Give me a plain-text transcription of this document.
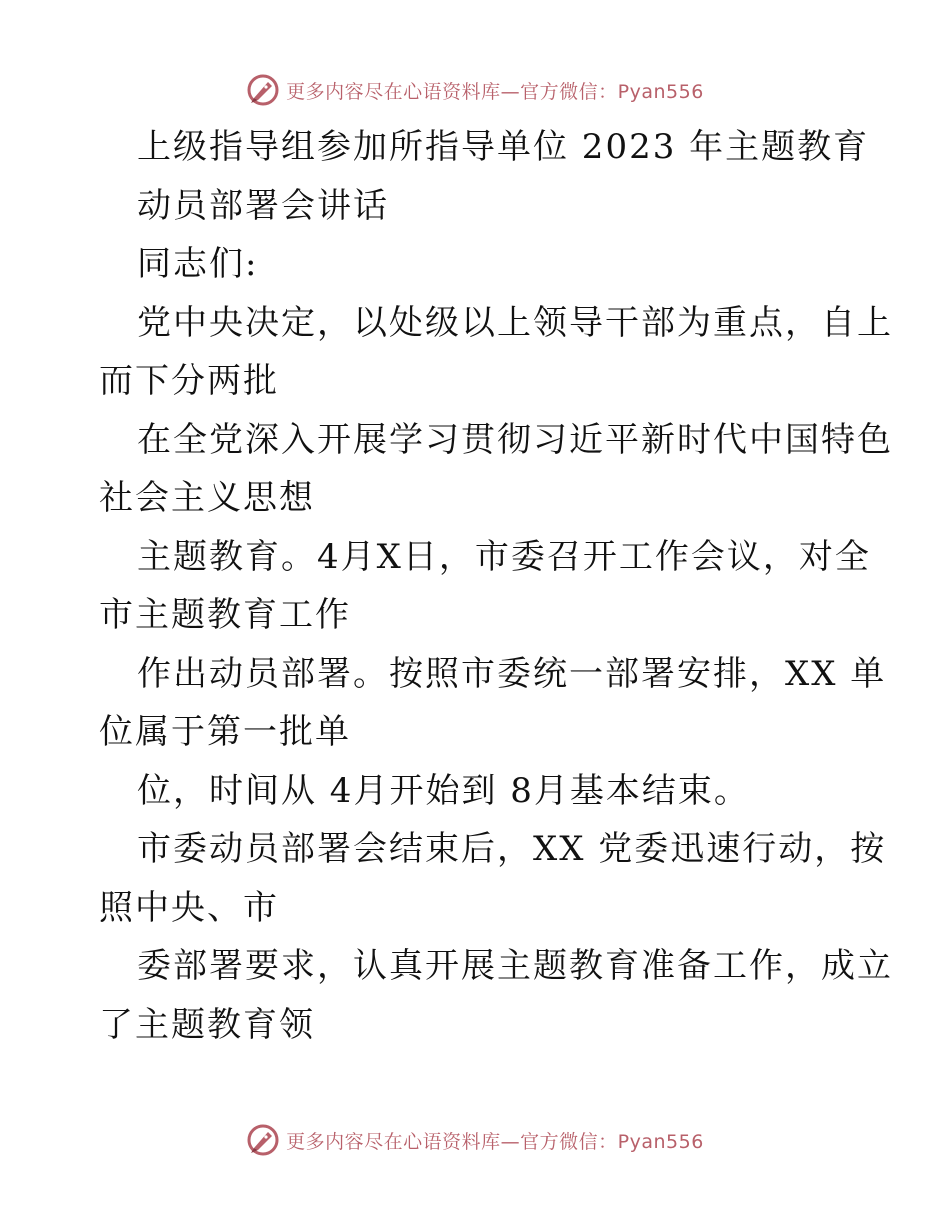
更多内容尽在心语资料库—官方微信：Pyan556
上级指导组参加所指导单位 2023 年主题教育
动员部署会讲话
同志们:
党中央决定，以处级以上领导干部为重点，自上
而下分两批
在全党深入开展学习贯彻习近平新时代中国特色
社会主义思想
主题教育。4月X日，市委召开工作会议，对全
市主题教育工作
作出动员部署。按照市委统一部署安排，XX 单
位属于第一批单
位，时间从 4月开始到 8月基本结束。
市委动员部署会结束后，XX 党委迅速行动，按
照中央、市
委部署要求，认真开展主题教育准备工作，成立
了主题教育领
更多内容尽在心语资料库—官方微信：Pyan556
